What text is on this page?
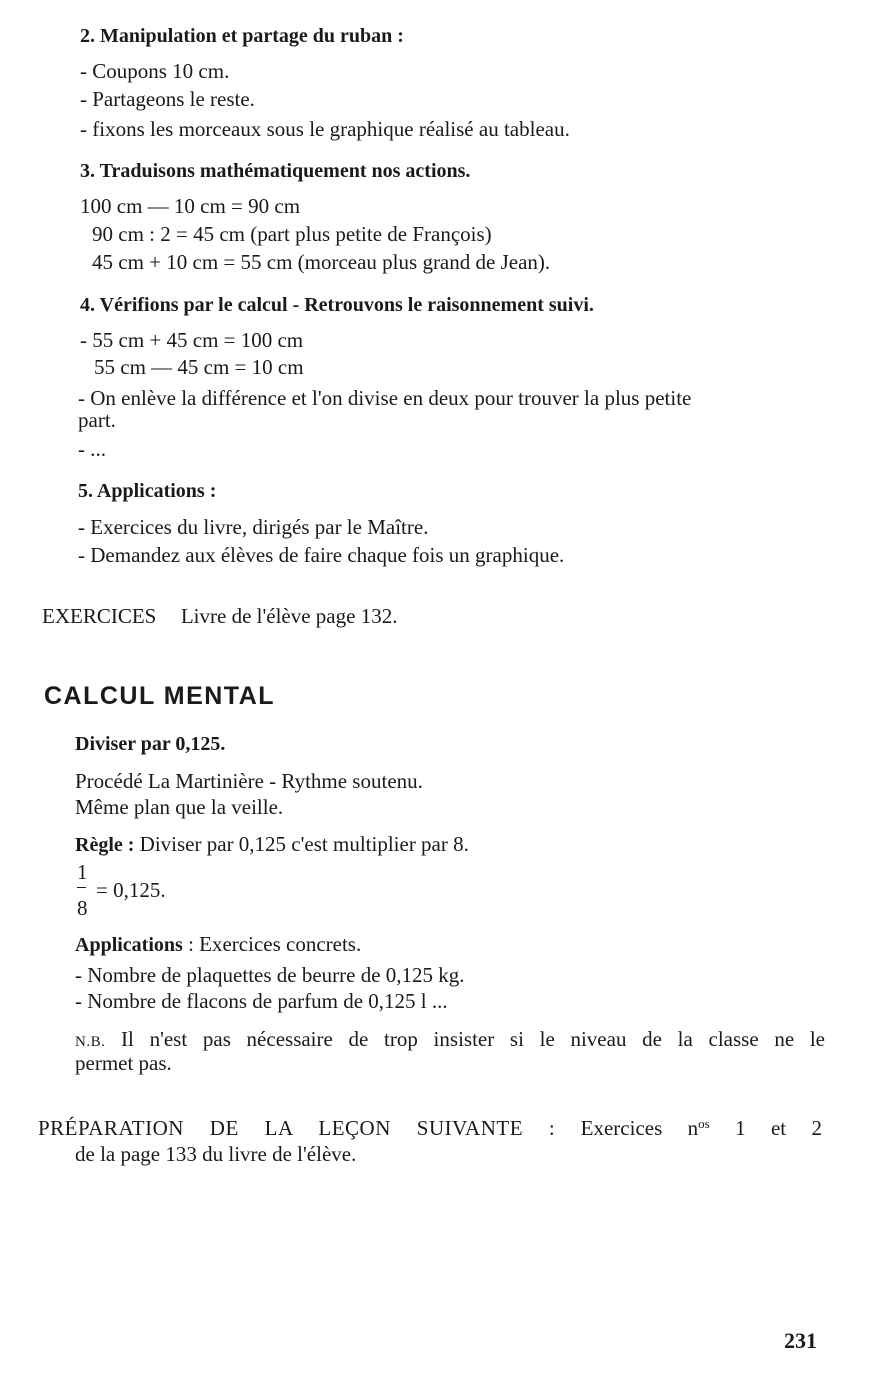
2. Manipulation et partage du ruban :
- Coupons 10 cm.
- Partageons le reste.
- fixons les morceaux sous le graphique réalisé au tableau.
3. Traduisons mathématiquement nos actions.
100 cm — 10 cm = 90 cm
90 cm : 2 = 45 cm (part plus petite de François)
45 cm + 10 cm = 55 cm (morceau plus grand de Jean).
4. Vérifions par le calcul - Retrouvons le raisonnement suivi.
- 55 cm + 45 cm = 100 cm
55 cm — 45 cm = 10 cm
- On enlève la différence et l'on divise en deux pour trouver la plus petite
part.
- ...
5. Applications :
- Exercices du livre, dirigés par le Maître.
- Demandez aux élèves de faire chaque fois un graphique.
EXERCICES Livre de l'élève page 132.
CALCUL MENTAL
Diviser par 0,125.
Procédé La Martinière - Rythme soutenu.
Même plan que la veille.
Règle : Diviser par 0,125 c'est multiplier par 8.
1
8
= 0,125.
Applications : Exercices concrets.
- Nombre de plaquettes de beurre de 0,125 kg.
- Nombre de flacons de parfum de 0,125 l ...
N.B. Il n'est pas nécessaire de trop insister si le niveau de la classe ne le
permet pas.
PRÉPARATION DE LA LEÇON SUIVANTE : Exercices $n^{os}$ 1 et 2
de la page 133 du livre de l'élève.
231
